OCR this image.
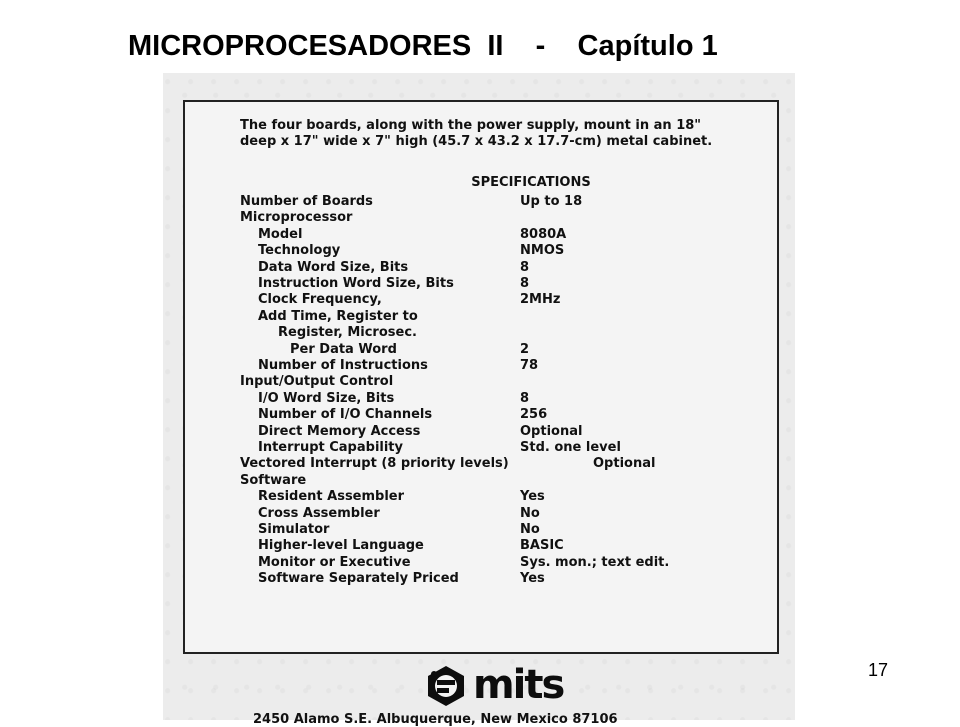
MICROPROCESADORES  II    -    Capítulo 1

The four boards, along with the power supply, mount in an 18" deep x 17" wide x 7" high (45.7 x 43.2 x 17.7-cm) metal cabinet.

SPECIFICATIONS
Number of Boards	Up to 18
Microprocessor
Model	8080A
Technology	NMOS
Data Word Size, Bits	8
Instruction Word Size, Bits	8
Clock Frequency,	2MHz
Add Time, Register to
Register, Microsec.
Per Data Word	2
Number of Instructions	78
Input/Output Control
I/O Word Size, Bits	8
Number of I/O Channels	256
Direct Memory Access	Optional
Interrupt Capability	Std. one level
Vectored Interrupt (8 priority levels)	Optional
Software
Resident Assembler	Yes
Cross Assembler	No
Simulator	No
Higher-level Language	BASIC
Monitor or Executive	Sys. mon.; text edit.
Software Separately Priced	Yes
mits
2450 Alamo S.E. Albuquerque, New Mexico 87106
17
